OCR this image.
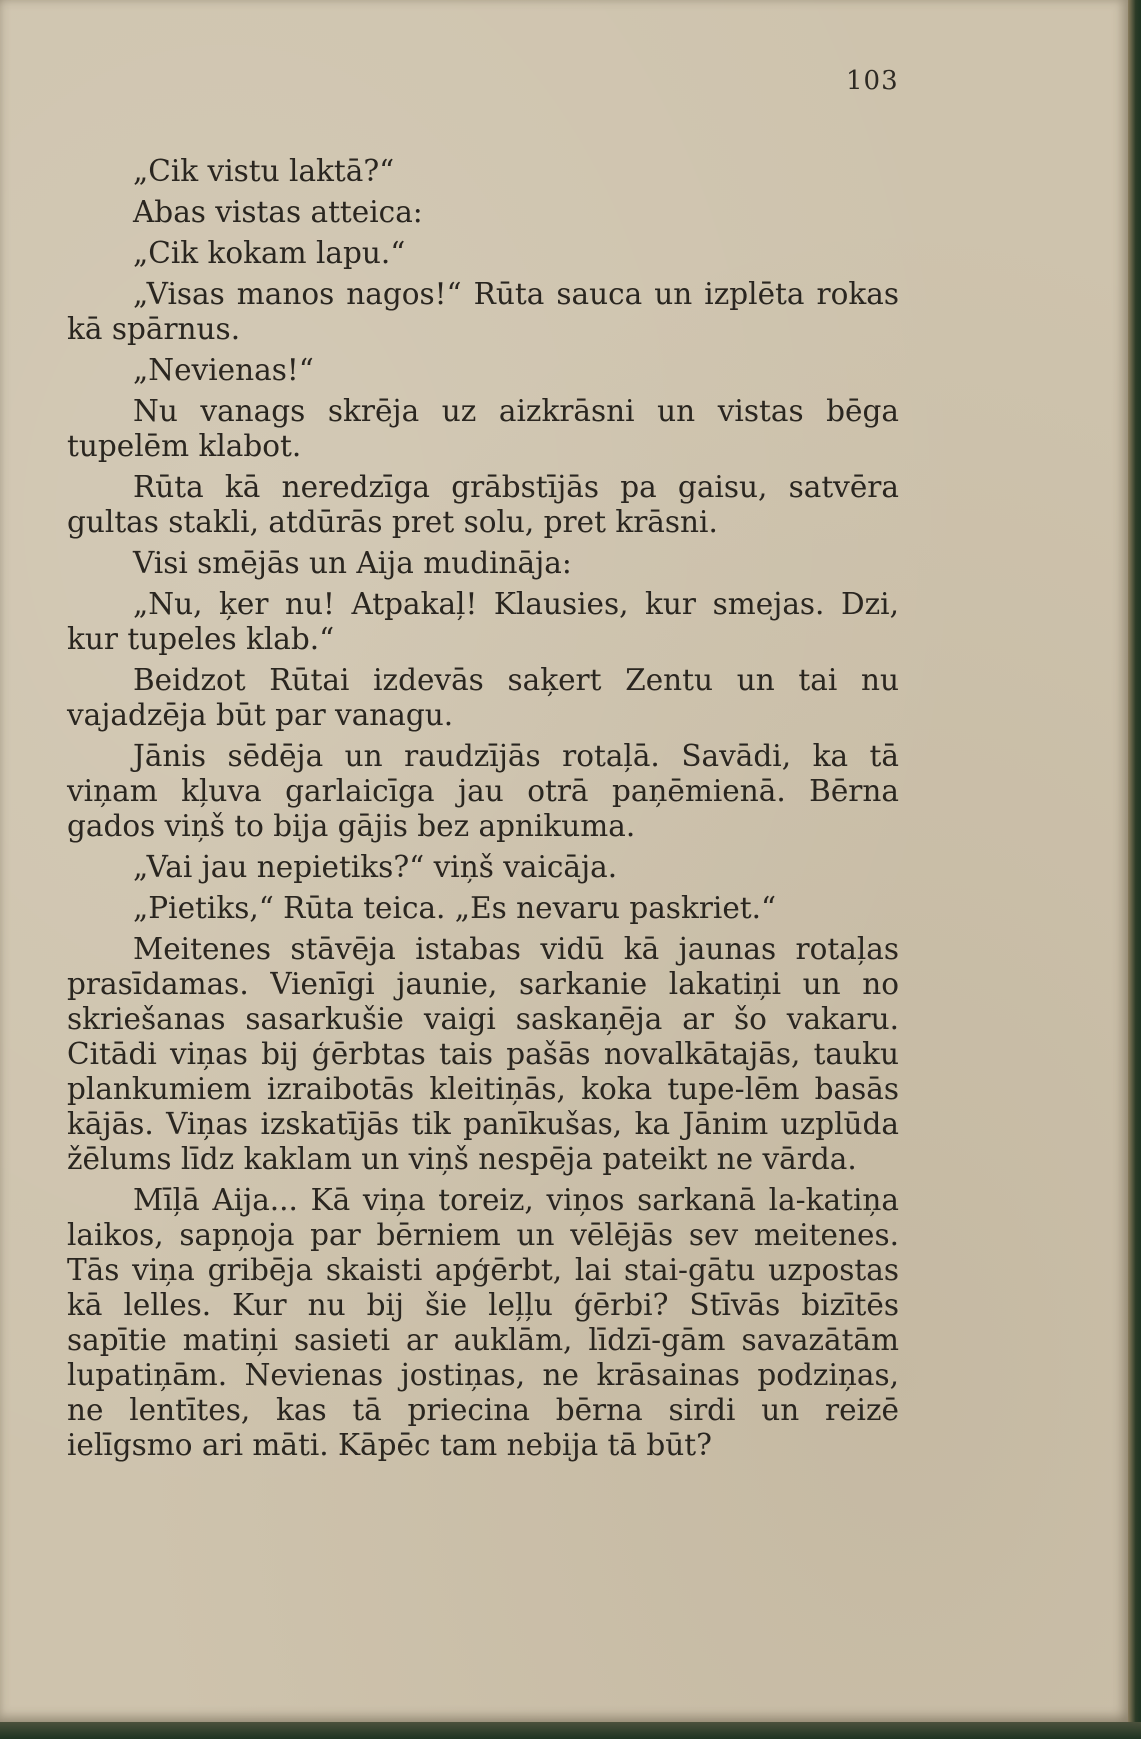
103

„Cik vistu laktā?“

Abas vistas atteica:

„Cik kokam lapu.“

„Visas manos nagos!“ Rūta sauca un izplēta rokas kā spārnus.

„Nevienas!“

Nu vanags skrēja uz aizkrāsni un vistas bēga tupelēm klabot.

Rūta kā neredzīga grābstījās pa gaisu, satvēra gultas stakli, atdūrās pret solu, pret krāsni.

Visi smējās un Aija mudināja:

„Nu, ķer nu! Atpakaļ! Klausies, kur smejas. Dzi, kur tupeles klab.“

Beidzot Rūtai izdevās saķert Zentu un tai nu vajadzēja būt par vanagu.

Jānis sēdēja un raudzījās rotaļā. Savādi, ka tā viņam kļuva garlaicīga jau otrā paņēmienā. Bērna gados viņš to bija gājis bez apnikuma.

„Vai jau nepietiks?“ viņš vaicāja.

„Pietiks,“ Rūta teica. „Es nevaru paskriet.“

Meitenes stāvēja istabas vidū kā jaunas rotaļas prasīdamas. Vienīgi jaunie, sarkanie lakatiņi un no skriešanas sasarkušie vaigi saskaņēja ar šo vakaru. Citādi viņas bij ģērbtas tais pašās novalkātajās, tauku plankumiem izraibotās kleitiņās, koka tupe-lēm basās kājās. Viņas izskatījās tik panīkušas, ka Jānim uzplūda žēlums līdz kaklam un viņš nespēja pateikt ne vārda.

Mīļā Aija... Kā viņa toreiz, viņos sarkanā la-katiņa laikos, sapņoja par bērniem un vēlējās sev meitenes. Tās viņa gribēja skaisti apģērbt, lai stai-gātu uzpostas kā lelles. Kur nu bij šie leļļu ģērbi? Stīvās bizītēs sapītie matiņi sasieti ar auklām, līdzī-gām savazātām lupatiņām. Nevienas jostiņas, ne krāsainas podziņas, ne lentītes, kas tā priecina bērna sirdi un reizē ielīgsmo ari māti. Kāpēc tam nebija tā būt?
